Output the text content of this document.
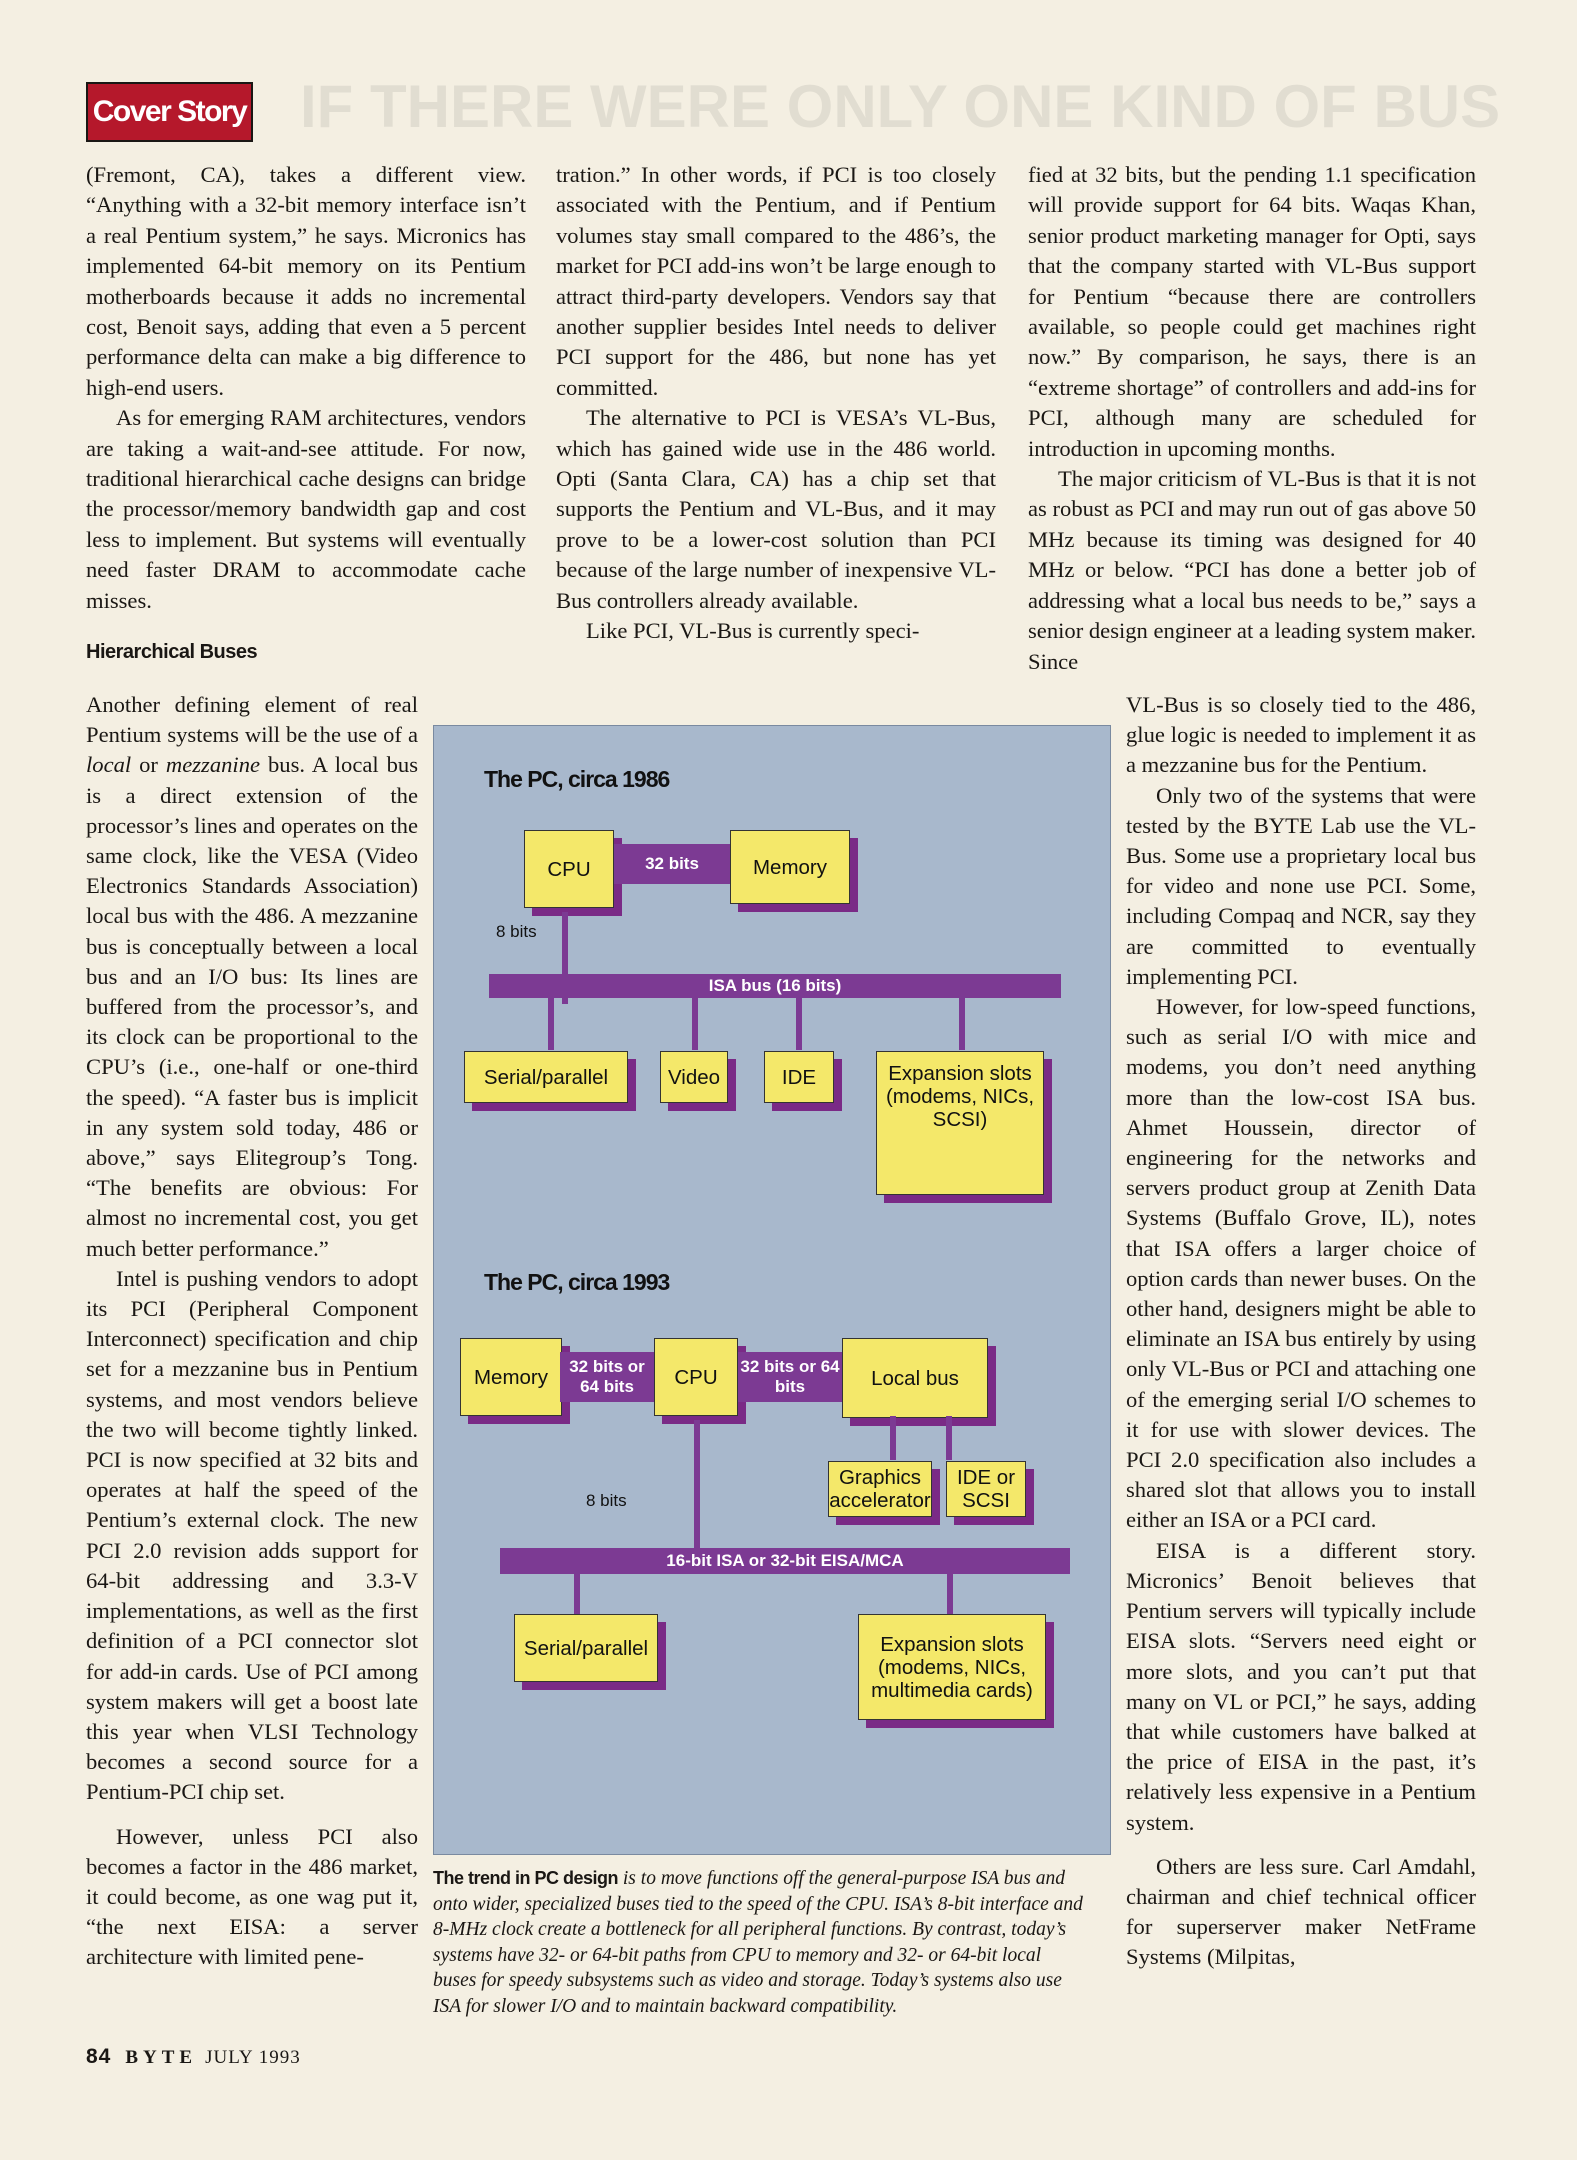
IF THERE WERE ONLY ONE KIND OF BUS
Cover Story

(Fremont, CA), takes a different view. “Anything with a 32-bit memory interface isn’t a real Pentium system,” he says. Micronics has implemented 64-bit memory on its Pentium motherboards because it adds no incremental cost, Benoit says, adding that even a 5 percent performance delta can make a big difference to high-end users.

As for emerging RAM architectures, vendors are taking a wait-and-see attitude. For now, traditional hierarchical cache designs can bridge the processor/memory bandwidth gap and cost less to implement. But systems will eventually need faster DRAM to accommodate cache misses.

Hierarchical Buses

Another defining element of real Pentium systems will be the use of a local or mezzanine bus. A local bus is a direct extension of the processor’s lines and operates on the same clock, like the VESA (Video Electronics Standards Association) local bus with the 486. A mezzanine bus is conceptually between a local bus and an I/O bus: Its lines are buffered from the processor’s, and its clock can be proportional to the CPU’s (i.e., one-half or one-third the speed). “A faster bus is implicit in any system sold today, 486 or above,” says Elitegroup’s Tong. “The benefits are obvious: For almost no incremental cost, you get much better performance.”

Intel is pushing vendors to adopt its PCI (Peripheral Component Interconnect) specification and chip set for a mezzanine bus in Pentium systems, and most vendors believe the two will become tightly linked. PCI is now specified at 32 bits and operates at half the speed of the Pentium’s external clock. The new PCI 2.0 revision adds support for 64-bit addressing and 3.3-V implementations, as well as the first definition of a PCI connector slot for add-in cards. Use of PCI among system makers will get a boost late this year when VLSI Technology becomes a second source for a Pentium-PCI chip set.

However, unless PCI also becomes a factor in the 486 market, it could become, as one wag put it, “the next EISA: a server architecture with limited pene-

tration.” In other words, if PCI is too closely associated with the Pentium, and if Pentium volumes stay small compared to the 486’s, the market for PCI add-ins won’t be large enough to attract third-party developers. Vendors say that another supplier besides Intel needs to deliver PCI support for the 486, but none has yet committed.

The alternative to PCI is VESA’s VL-Bus, which has gained wide use in the 486 world. Opti (Santa Clara, CA) has a chip set that supports the Pentium and VL-Bus, and it may prove to be a lower-cost solution than PCI because of the large number of inexpensive VL-Bus controllers already available.

Like PCI, VL-Bus is currently speci-

fied at 32 bits, but the pending 1.1 specification will provide support for 64 bits. Waqas Khan, senior product marketing manager for Opti, says that the company started with VL-Bus support for Pentium “because there are controllers available, so people could get machines right now.” By comparison, he says, there is an “extreme shortage” of controllers and add-ins for PCI, although many are scheduled for introduction in upcoming months.

The major criticism of VL-Bus is that it is not as robust as PCI and may run out of gas above 50 MHz because its timing was designed for 40 MHz or below. “PCI has done a better job of addressing what a local bus needs to be,” says a senior design engineer at a leading system maker. Since

VL-Bus is so closely tied to the 486, glue logic is needed to implement it as a mezzanine bus for the Pentium.

Only two of the systems that were tested by the BYTE Lab use the VL-Bus. Some use a proprietary local bus for video and none use PCI. Some, including Compaq and NCR, say they are committed to eventually implementing PCI.

However, for low-speed functions, such as serial I/O with mice and modems, you don’t need anything more than the low-cost ISA bus. Ahmet Houssein, director of engineering for the networks and servers product group at Zenith Data Systems (Buffalo Grove, IL), notes that ISA offers a larger choice of option cards than newer buses. On the other hand, designers might be able to eliminate an ISA bus entirely by using only VL-Bus or PCI and attaching one of the emerging serial I/O schemes to it for use with slower devices. The PCI 2.0 specification also includes a shared slot that allows you to install either an ISA or a PCI card.

EISA is a different story. Micronics’ Benoit believes that Pentium servers will typically include EISA slots. “Servers need eight or more slots, and you can’t put that many on VL or PCI,” he says, adding that while customers have balked at the price of EISA in the past, it’s relatively less expensive in a Pentium system.

Others are less sure. Carl Amdahl, chairman and chief technical officer for superserver maker NetFrame Systems (Milpitas,

The PC, circa 1986
CPU	32 bits	Memory
8 bits
ISA bus (16 bits)
Serial/parallel	Video	IDE	Expansion slots (modems, NICs, SCSI)
The PC, circa 1993
Memory	32 bits or 64 bits	CPU	32 bits or 64 bits	Local bus
Graphics accelerator
IDE or SCSI
8 bits
16-bit ISA or 32-bit EISA/MCA
Serial/parallel	Expansion slots (modems, NICs, multimedia cards)
The trend in PC design is to move functions off the general-purpose ISA bus and onto wider, specialized buses tied to the speed of the CPU. ISA’s 8-bit interface and 8-MHz clock create a bottleneck for all peripheral functions. By contrast, today’s systems have 32- or 64-bit paths from CPU to memory and 32- or 64-bit local buses for speedy subsystems such as video and storage. Today’s systems also use ISA for slower I/O and to maintain backward compatibility.
84 BYTE JULY 1993
